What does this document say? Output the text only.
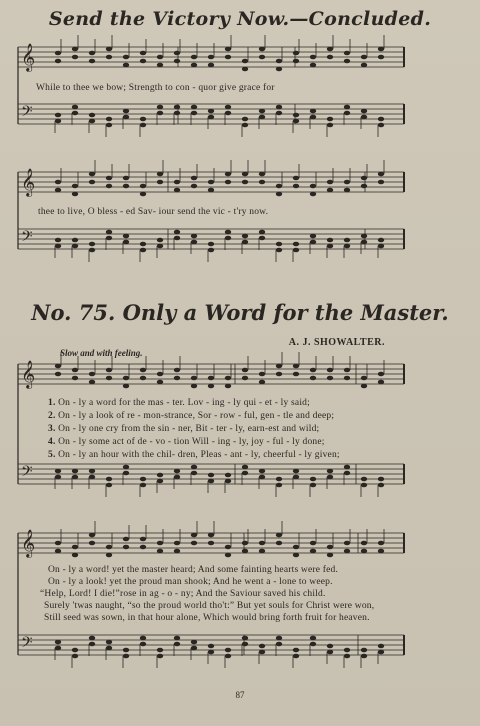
Send the Victory Now.—Concluded.
𝄞
𝄢
𝄞
𝄢
𝄞
𝄢
𝄞
𝄢
While to thee we bow; Strength to con - quor give grace for
thee to live, O bless - ed Sav- iour send the vic - t'ry now.
No. 75. Only a Word for the Master.
A. J. SHOWALTER.
Slow and with feeling.
1. On - ly a word for the mas - ter. Lov - ing - ly qui - et - ly said;
2. On - ly a look of re - mon-strance, Sor - row - ful, gen - tle and deep;
3. On - ly one cry from the sin - ner, Bit - ter - ly, earn-est and wild;
4. On - ly some act of de - vo - tion Will - ing - ly, joy - ful - ly done;
5. On - ly an hour with the chil- dren, Pleas - ant - ly, cheerful - ly given;
On - ly a word! yet the master heard; And some fainting hearts were fed.
On - ly a look! yet the proud man shook; And he went a - lone to weep.
“Help, Lord! I die!”rose in ag - o - ny; And the Saviour saved his child.
Surely 'twas naught, “so the proud world tho't:” But yet souls for Christ were won,
Still seed was sown, in that hour alone, Which would bring forth fruit for heaven.
87
